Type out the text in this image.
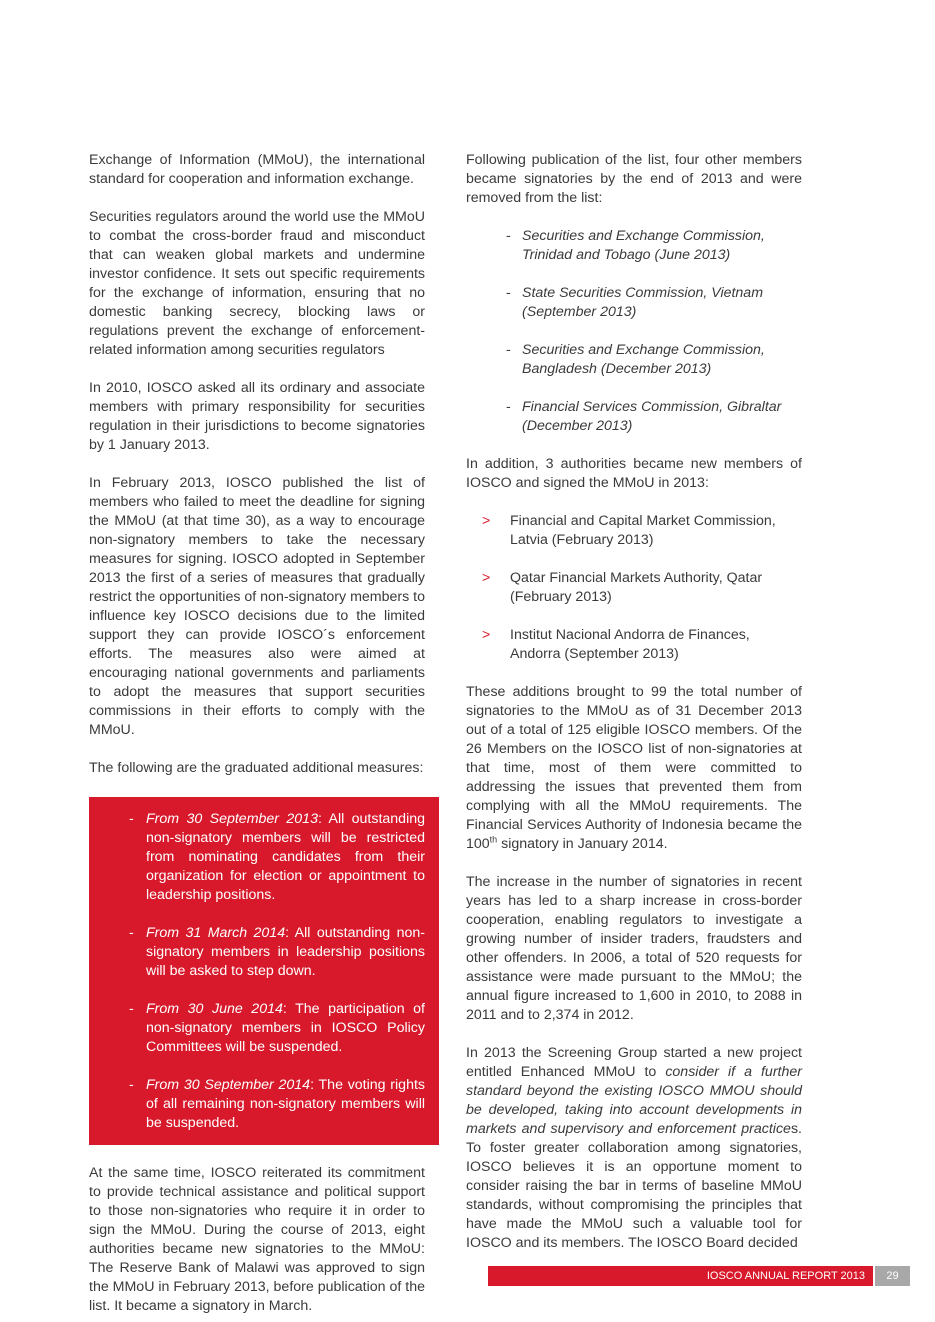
Exchange of Information (MMoU), the international standard for cooperation and information exchange.

Securities regulators around the world use the MMoU to combat the cross-border fraud and misconduct that can weaken global markets and undermine investor confidence. It sets out specific requirements for the exchange of information, ensuring that no domestic banking secrecy, blocking laws or regulations prevent the exchange of enforcement-related information among securities regulators

In 2010, IOSCO asked all its ordinary and associate members with primary responsibility for securities regulation in their jurisdictions to become signatories by 1 January 2013.

In February 2013, IOSCO published the list of members who failed to meet the deadline for signing the MMoU (at that time 30), as a way to encourage non-signatory members to take the necessary measures for signing. IOSCO adopted in September 2013 the first of a series of measures that gradually restrict the opportunities of non-signatory members to influence key IOSCO decisions due to the limited support they can provide IOSCO´s enforcement efforts. The measures also were aimed at encouraging national governments and parliaments to adopt the measures that support securities commissions in their efforts to comply with the MMoU.

The following are the graduated additional measures:

- From 30 September 2013: All outstanding non-signatory members will be restricted from nominating candidates from their organization for election or appointment to leadership positions.
- From 31 March 2014: All outstanding non-signatory members in leadership positions will be asked to step down.
- From 30 June 2014: The participation of non-signatory members in IOSCO Policy Committees will be suspended.
- From 30 September 2014: The voting rights of all remaining non-signatory members will be suspended.

At the same time, IOSCO reiterated its commitment to provide technical assistance and political support to those non-signatories who require it in order to sign the MMoU. During the course of 2013, eight authorities became new signatories to the MMoU: The Reserve Bank of Malawi was approved to sign the MMoU in February 2013, before publication of the list. It became a signatory in March.

Following publication of the list, four other members became signatories by the end of 2013 and were removed from the list:

- Securities and Exchange Commission, Trinidad and Tobago (June 2013)
- State Securities Commission, Vietnam (September 2013)
- Securities and Exchange Commission, Bangladesh (December 2013)
- Financial Services Commission, Gibraltar (December 2013)

In addition, 3 authorities became new members of IOSCO and signed the MMoU in 2013:

> Financial and Capital Market Commission, Latvia (February 2013)
> Qatar Financial Markets Authority, Qatar (February 2013)
> Institut Nacional Andorra de Finances, Andorra (September 2013)

These additions brought to 99 the total number of signatories to the MMoU as of 31 December 2013 out of a total of 125 eligible IOSCO members. Of the 26 Members on the IOSCO list of non-signatories at that time, most of them were committed to addressing the issues that prevented them from complying with all the MMoU requirements. The Financial Services Authority of Indonesia became the 100th signatory in January 2014.

The increase in the number of signatories in recent years has led to a sharp increase in cross-border cooperation, enabling regulators to investigate a growing number of insider traders, fraudsters and other offenders. In 2006, a total of 520 requests for assistance were made pursuant to the MMoU; the annual figure increased to 1,600 in 2010, to 2088 in 2011 and to 2,374 in 2012.

In 2013 the Screening Group started a new project entitled Enhanced MMoU to consider if a further standard beyond the existing IOSCO MMOU should be developed, taking into account developments in markets and supervisory and enforcement practices. To foster greater collaboration among signatories, IOSCO believes it is an opportune moment to consider raising the bar in terms of baseline MMoU standards, without compromising the principles that have made the MMoU such a valuable tool for IOSCO and its members. The IOSCO Board decided

IOSCO ANNUAL REPORT 2013	29
